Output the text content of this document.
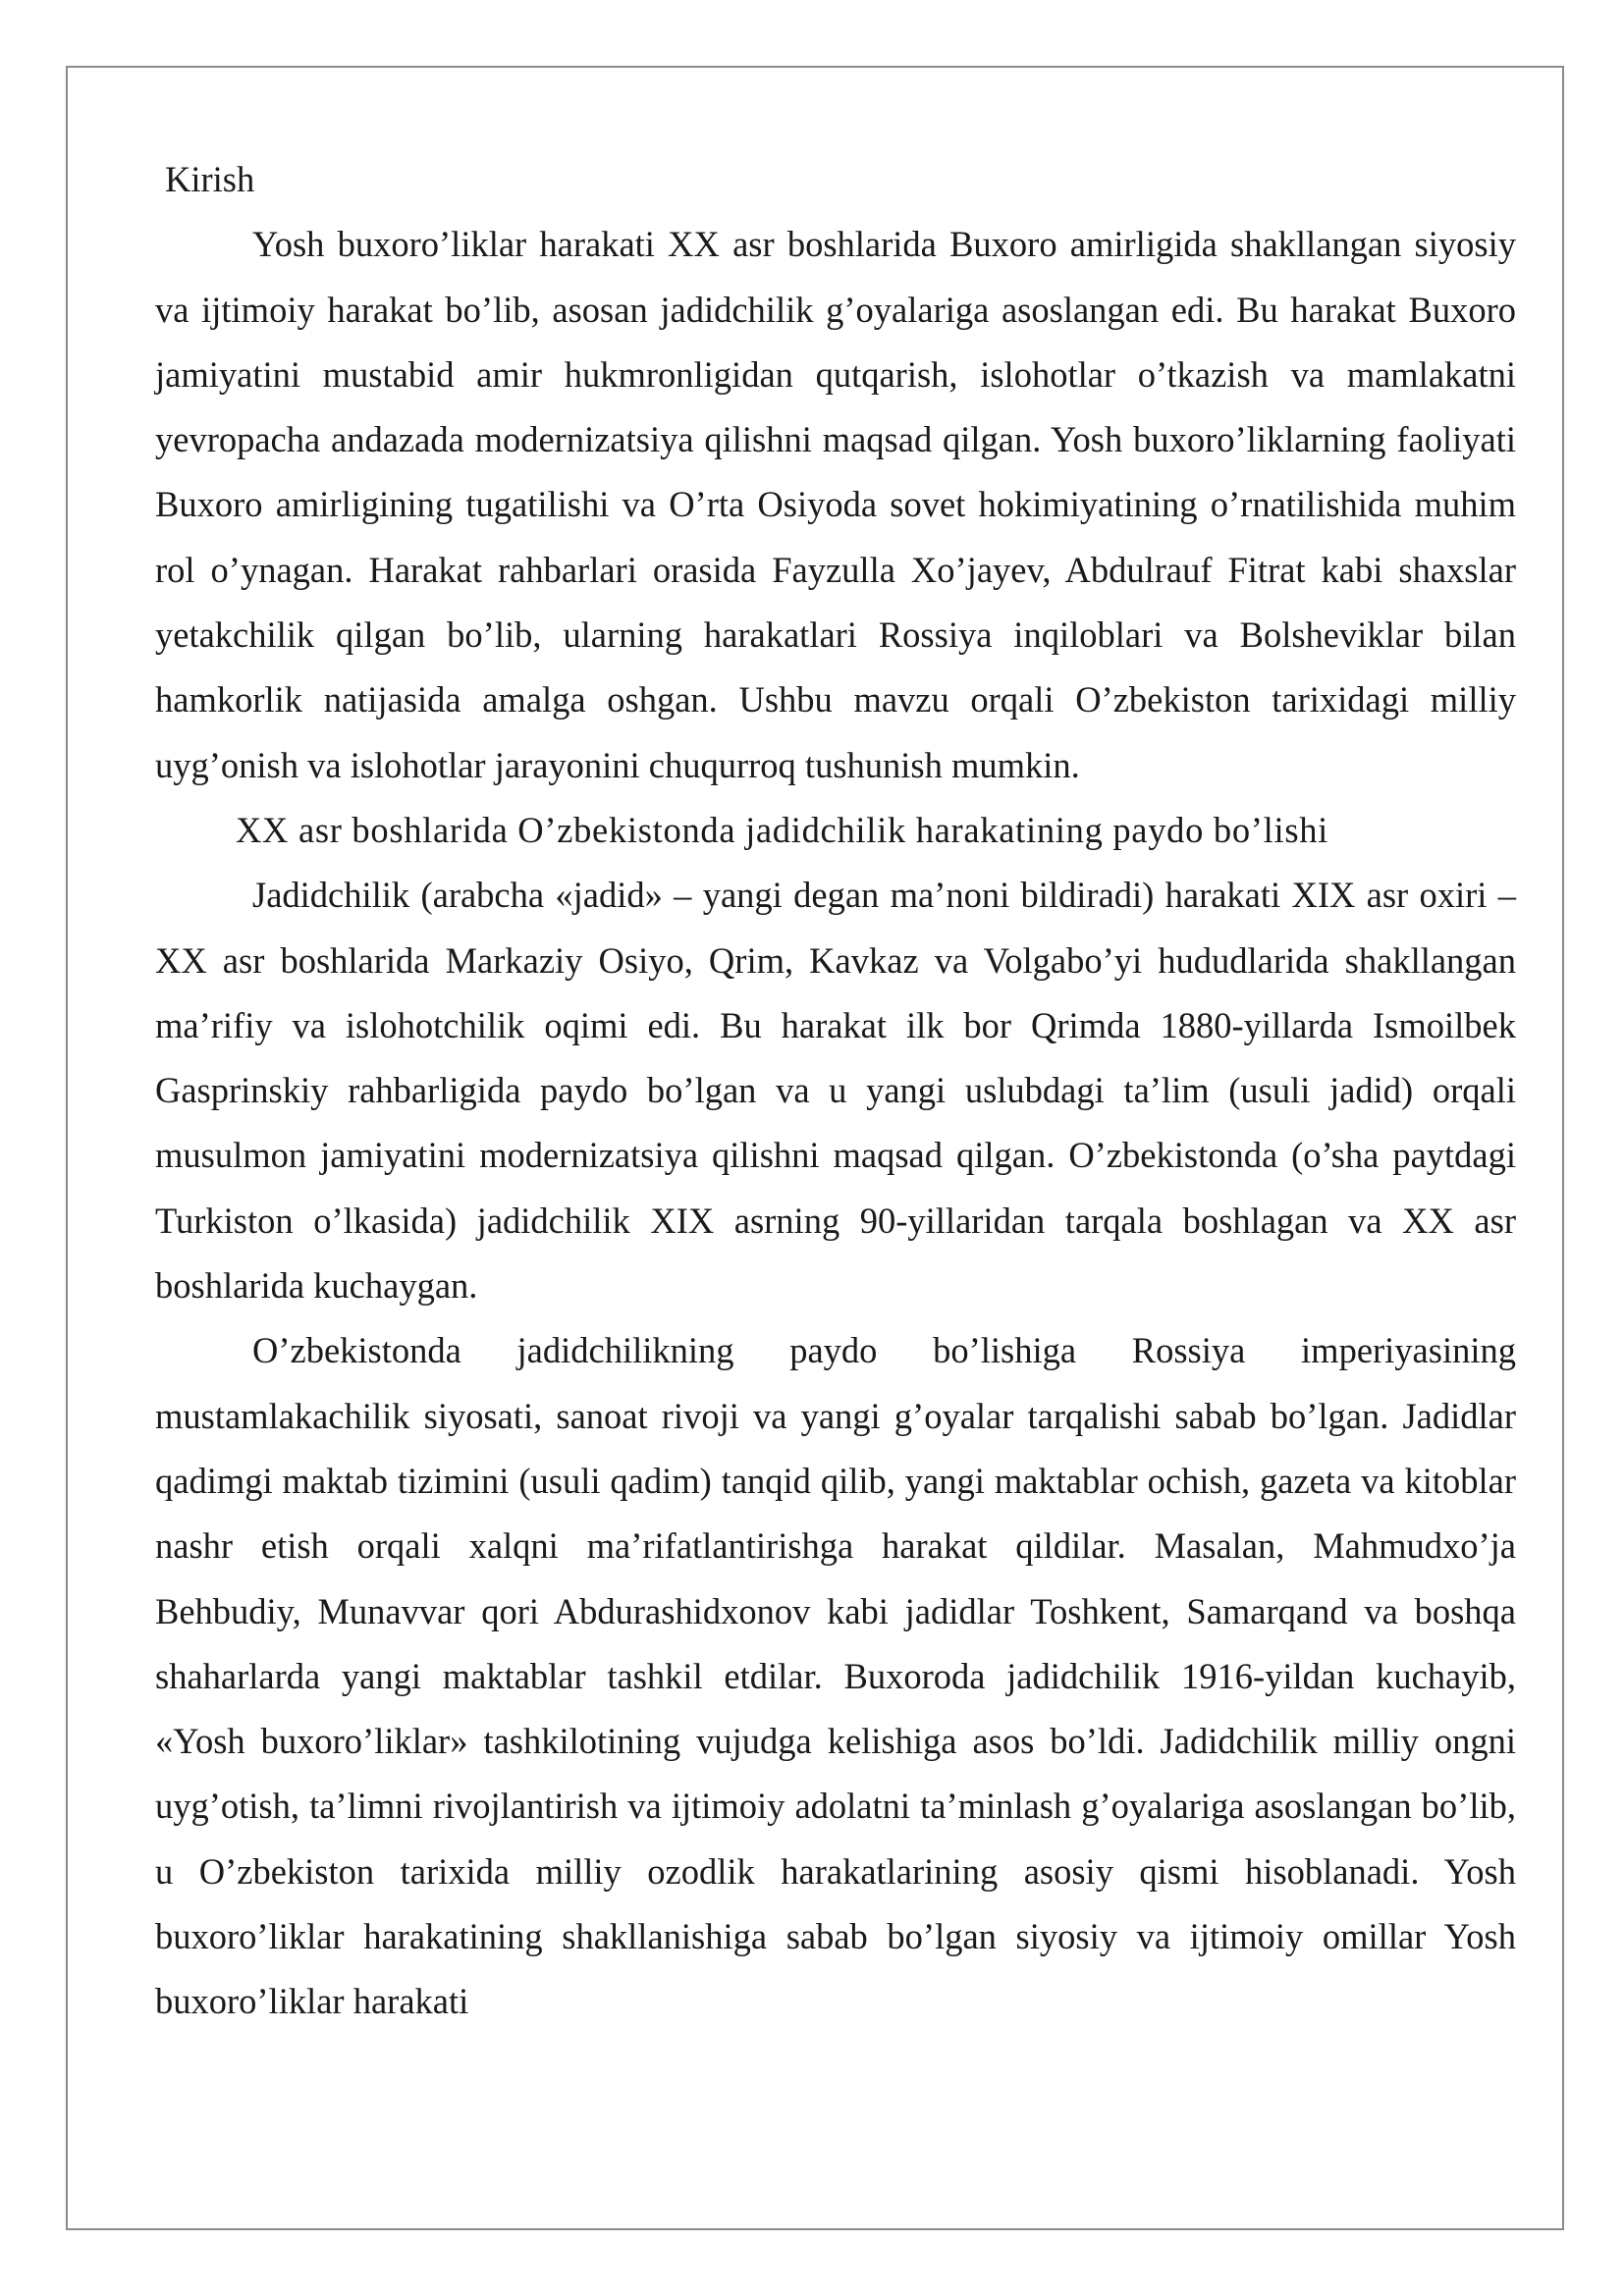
Kirish

Yosh buxoro’liklar harakati XX asr boshlarida Buxoro amirligida shakllangan siyosiy va ijtimoiy harakat bo’lib, asosan jadidchilik g’oyalariga asoslangan edi. Bu harakat Buxoro jamiyatini mustabid amir hukmronligidan qutqarish, islohotlar o’tkazish va mamlakatni yevropacha andazada modernizatsiya qilishni maqsad qilgan. Yosh buxoro’liklarning faoliyati Buxoro amirligining tugatilishi va O’rta Osiyoda sovet hokimiyatining o’rnatilishida muhim rol o’ynagan. Harakat rahbarlari orasida Fayzulla Xo’jayev, Abdulrauf Fitrat kabi shaxslar yetakchilik qilgan bo’lib, ularning harakatlari Rossiya inqiloblari va Bolsheviklar bilan hamkorlik natijasida amalga oshgan. Ushbu mavzu orqali O’zbekiston tarixidagi milliy uyg’onish va islohotlar jarayonini chuqurroq tushunish mumkin.

XX asr boshlarida O’zbekistonda jadidchilik harakatining paydo bo’lishi

Jadidchilik (arabcha «jadid» – yangi degan ma’noni bildiradi) harakati XIX asr oxiri – XX asr boshlarida Markaziy Osiyo, Qrim, Kavkaz va Volgabo’yi hududlarida shakllangan ma’rifiy va islohotchilik oqimi edi. Bu harakat ilk bor Qrimda 1880-yillarda Ismoilbek Gasprinskiy rahbarligida paydo bo’lgan va u yangi uslubdagi ta’lim (usuli jadid) orqali musulmon jamiyatini modernizatsiya qilishni maqsad qilgan. O’zbekistonda (o’sha paytdagi Turkiston o’lkasida) jadidchilik XIX asrning 90-yillaridan tarqala boshlagan va XX asr boshlarida kuchaygan.

O’zbekistonda jadidchilikning paydo bo’lishiga Rossiya imperiyasining mustamlakachilik siyosati, sanoat rivoji va yangi g’oyalar tarqalishi sabab bo’lgan. Jadidlar qadimgi maktab tizimini (usuli qadim) tanqid qilib, yangi maktablar ochish, gazeta va kitoblar nashr etish orqali xalqni ma’rifatlantirishga harakat qildilar. Masalan, Mahmudxo’ja Behbudiy, Munavvar qori Abdurashidxonov kabi jadidlar Toshkent, Samarqand va boshqa shaharlarda yangi maktablar tashkil etdilar. Buxoroda jadidchilik 1916-yildan kuchayib, «Yosh buxoro’liklar» tashkilotining vujudga kelishiga asos bo’ldi. Jadidchilik milliy ongni uyg’otish, ta’limni rivojlantirish va ijtimoiy adolatni ta’minlash g’oyalariga asoslangan bo’lib, u O’zbekiston tarixida milliy ozodlik harakatlarining asosiy qismi hisoblanadi. Yosh buxoro’liklar harakatining shakllanishiga sabab bo’lgan siyosiy va ijtimoiy omillar Yosh buxoro’liklar harakati
